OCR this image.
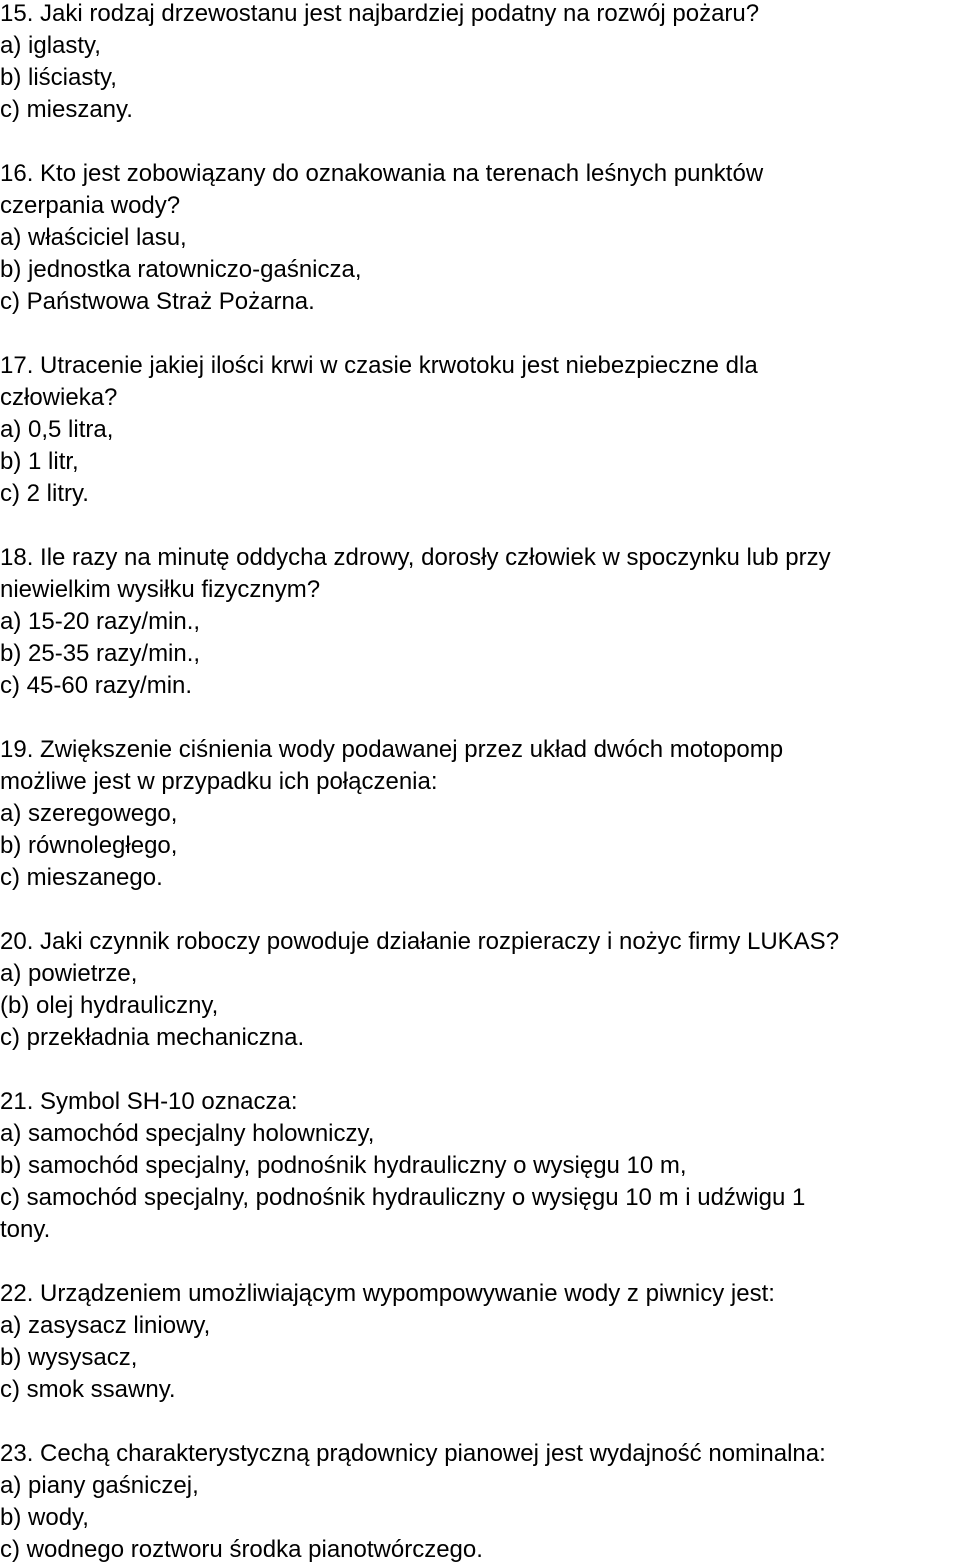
15. Jaki rodzaj drzewostanu jest najbardziej podatny na rozwój pożaru?
a) iglasty,
b) liściasty,
c) mieszany.
16. Kto jest zobowiązany do oznakowania na terenach leśnych punktów
czerpania wody?
a) właściciel lasu,
b) jednostka ratowniczo-gaśnicza,
c) Państwowa Straż Pożarna.
17. Utracenie jakiej ilości krwi w czasie krwotoku jest niebezpieczne dla
człowieka?
a) 0,5 litra,
b) 1 litr,
c) 2 litry.
18. Ile razy na minutę oddycha zdrowy, dorosły człowiek w spoczynku lub przy
niewielkim wysiłku fizycznym?
a) 15-20 razy/min.,
b) 25-35 razy/min.,
c) 45-60 razy/min.
19. Zwiększenie ciśnienia wody podawanej przez układ dwóch motopomp
możliwe jest w przypadku ich połączenia:
a) szeregowego,
b) równoległego,
c) mieszanego.
20. Jaki czynnik roboczy powoduje działanie rozpieraczy i nożyc firmy LUKAS?
a) powietrze,
(b) olej hydrauliczny,
c) przekładnia mechaniczna.
21. Symbol SH-10 oznacza:
a) samochód specjalny holowniczy,
b) samochód specjalny, podnośnik hydrauliczny o wysięgu 10 m,
c) samochód specjalny, podnośnik hydrauliczny o wysięgu 10 m i udźwigu 1
tony.
22. Urządzeniem umożliwiającym wypompowywanie wody z piwnicy jest:
a) zasysacz liniowy,
b) wysysacz,
c) smok ssawny.
23. Cechą charakterystyczną prądownicy pianowej jest wydajność nominalna:
a) piany gaśniczej,
b) wody,
c) wodnego roztworu środka pianotwórczego.
